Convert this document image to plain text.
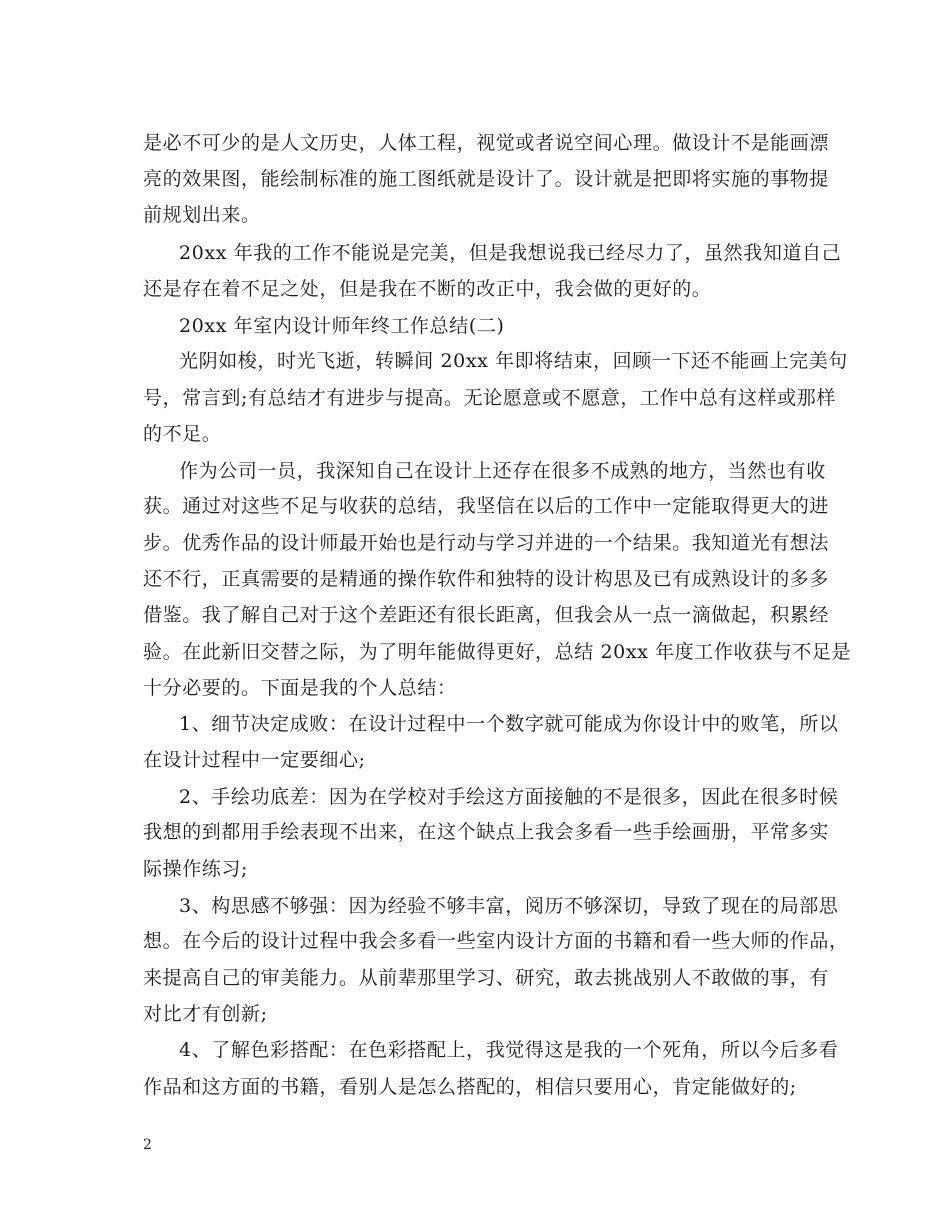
是必不可少的是人文历史，人体工程，视觉或者说空间心理。做设计不是能画漂
亮的效果图，能绘制标准的施工图纸就是设计了。设计就是把即将实施的事物提
前规划出来。
20xx 年我的工作不能说是完美，但是我想说我已经尽力了，虽然我知道自己
还是存在着不足之处，但是我在不断的改正中，我会做的更好的。
20xx 年室内设计师年终工作总结(二)
光阴如梭，时光飞逝，转瞬间 20xx 年即将结束，回顾一下还不能画上完美句
号，常言到;有总结才有进步与提高。无论愿意或不愿意，工作中总有这样或那样
的不足。
作为公司一员，我深知自己在设计上还存在很多不成熟的地方，当然也有收
获。通过对这些不足与收获的总结，我坚信在以后的工作中一定能取得更大的进
步。优秀作品的设计师最开始也是行动与学习并进的一个结果。我知道光有想法
还不行，正真需要的是精通的操作软件和独特的设计构思及已有成熟设计的多多
借鉴。我了解自己对于这个差距还有很长距离，但我会从一点一滴做起，积累经
验。在此新旧交替之际，为了明年能做得更好，总结 20xx 年度工作收获与不足是
十分必要的。下面是我的个人总结：
1、细节决定成败：在设计过程中一个数字就可能成为你设计中的败笔，所以
在设计过程中一定要细心;
2、手绘功底差：因为在学校对手绘这方面接触的不是很多，因此在很多时候
我想的到都用手绘表现不出来，在这个缺点上我会多看一些手绘画册，平常多实
际操作练习;
3、构思感不够强：因为经验不够丰富，阅历不够深切，导致了现在的局部思
想。在今后的设计过程中我会多看一些室内设计方面的书籍和看一些大师的作品，
来提高自己的审美能力。从前辈那里学习、研究，敢去挑战别人不敢做的事，有
对比才有创新;
4、了解色彩搭配：在色彩搭配上，我觉得这是我的一个死角，所以今后多看
作品和这方面的书籍，看别人是怎么搭配的，相信只要用心，肯定能做好的;
2
